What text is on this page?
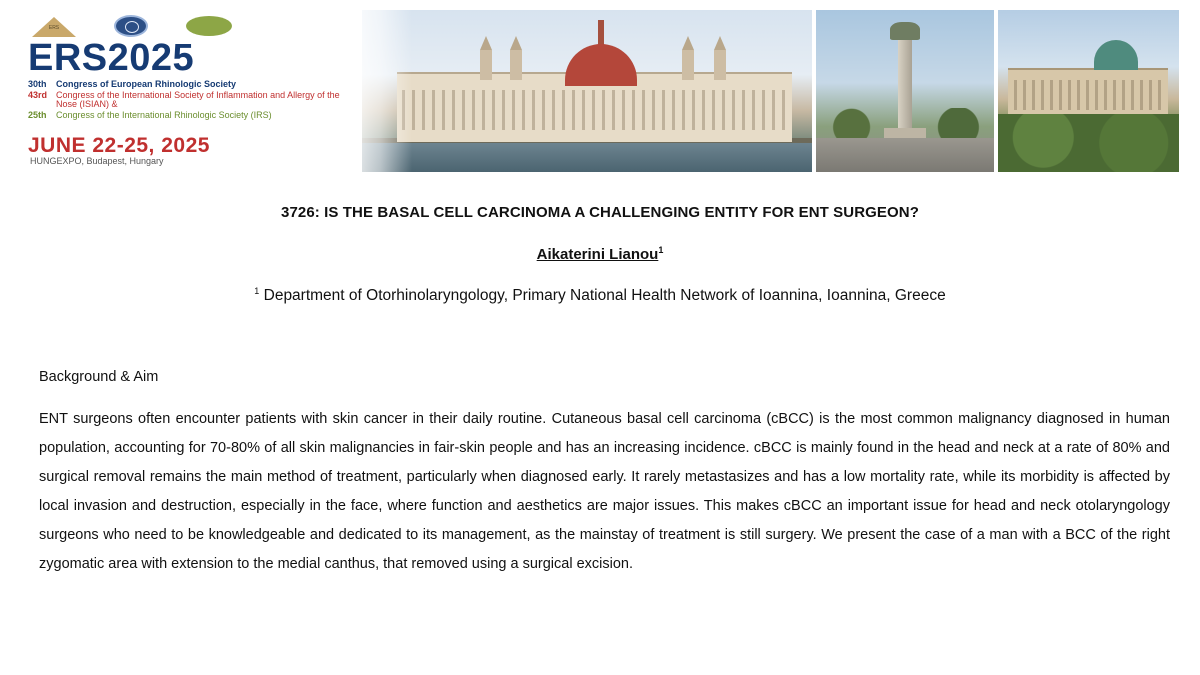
ERS
ERS2025
30th Congress of European Rhinologic Society
43rd Congress of the International Society of Inflammation and Allergy of the Nose (ISIAN) &
25th Congress of the International Rhinologic Society (IRS)
JUNE 22-25, 2025
HUNGEXPO, Budapest, Hungary
3726: IS THE BASAL CELL CARCINOMA A CHALLENGING ENTITY FOR ENT SURGEON?
Aikaterini Lianou$^1$
$^1$ Department of Otorhinolaryngology, Primary National Health Network of Ioannina, Ioannina, Greece
Background & Aim
ENT surgeons often encounter patients with skin cancer in their daily routine. Cutaneous basal cell carcinoma (cBCC) is the most common malignancy diagnosed in human population, accounting for 70-80% of all skin malignancies in fair-skin people and has an increasing incidence. cBCC is mainly found in the head and neck at a rate of 80% and surgical removal remains the main method of treatment, particularly when diagnosed early. It rarely metastasizes and has a low mortality rate, while its morbidity is affected by local invasion and destruction, especially in the face, where function and aesthetics are major issues. This makes cBCC an important issue for head and neck otolaryngology surgeons who need to be knowledgeable and dedicated to its management, as the mainstay of treatment is still surgery. We present the case of a man with a BCC of the right zygomatic area with extension to the medial canthus, that removed using a surgical excision.
